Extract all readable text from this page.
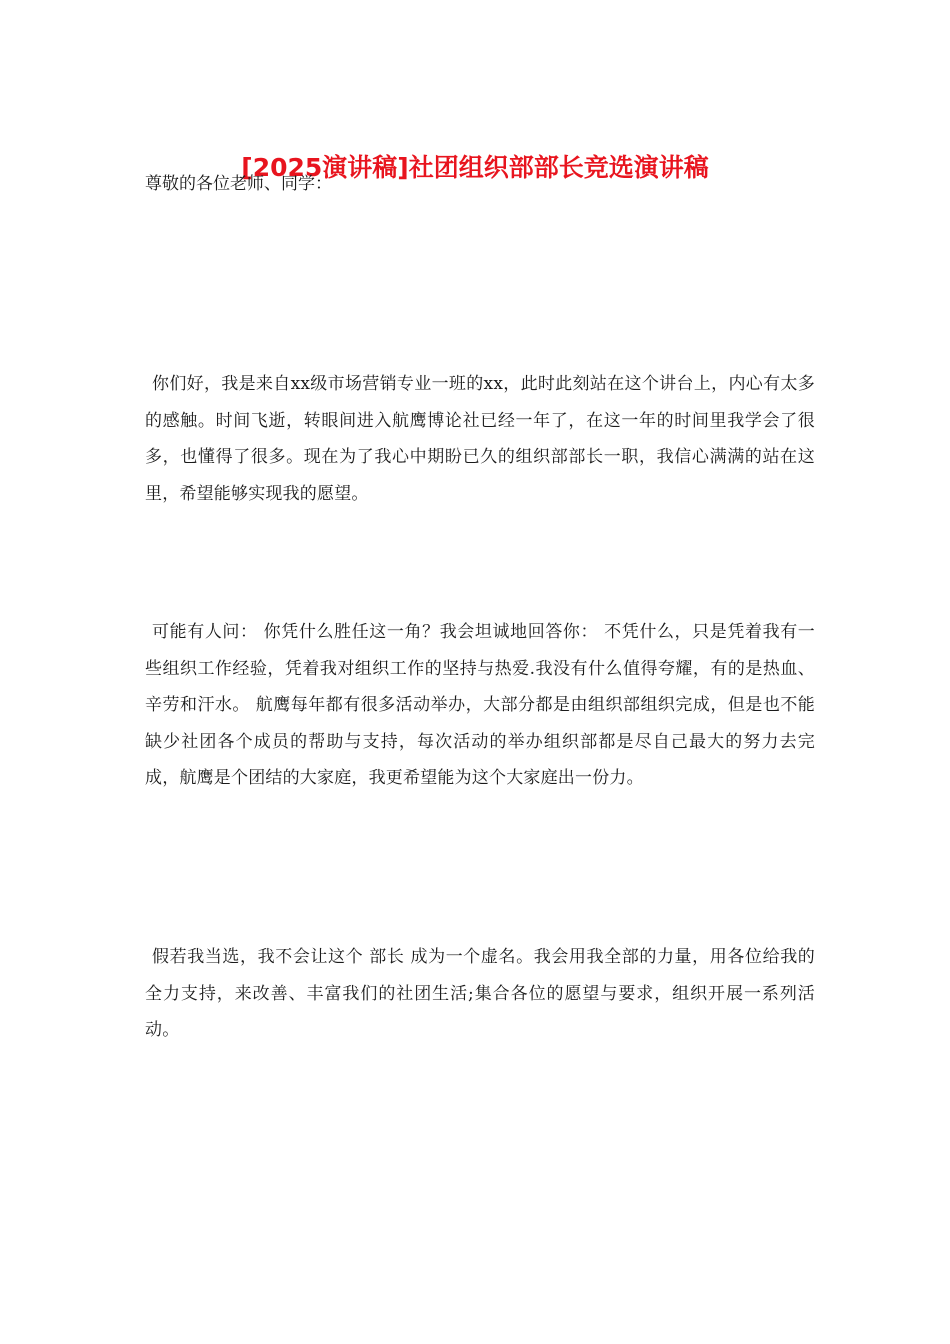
[2025演讲稿]社团组织部部长竞选演讲稿
尊敬的各位老师、同学：
你们好，我是来自xx级市场营销专业一班的xx，此时此刻站在这个讲台上，内心有太多的感触。时间飞逝，转眼间进入航鹰博论社已经一年了，在这一年的时间里我学会了很多，也懂得了很多。现在为了我心中期盼已久的组织部部长一职，我信心满满的站在这里，希望能够实现我的愿望。
可能有人问： 你凭什么胜任这一角？我会坦诚地回答你： 不凭什么，只是凭着我有一些组织工作经验，凭着我对组织工作的坚持与热爱.我没有什么值得夸耀，有的是热血、辛劳和汗水。 航鹰每年都有很多活动举办，大部分都是由组织部组织完成，但是也不能缺少社团各个成员的帮助与支持，每次活动的举办组织部都是尽自己最大的努力去完成，航鹰是个团结的大家庭，我更希望能为这个大家庭出一份力。
假若我当选，我不会让这个 部长 成为一个虚名。我会用我全部的力量，用各位给我的全力支持，来改善、丰富我们的社团生活;集合各位的愿望与要求，组织开展一系列活动。
